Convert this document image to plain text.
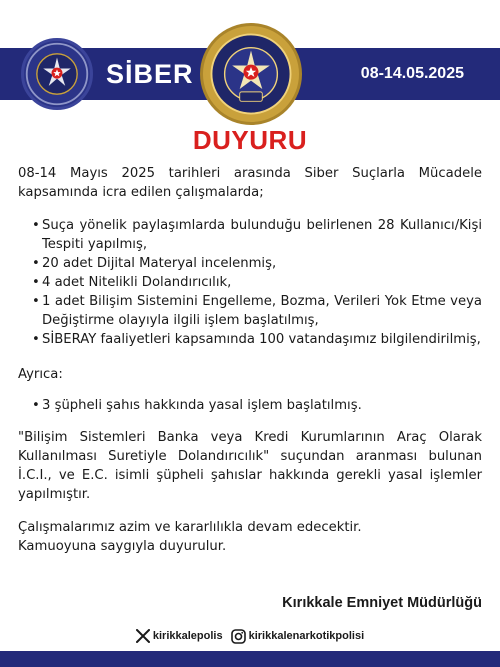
SİBER	08-14.05.2025
DUYURU

08-14 Mayıs 2025 tarihleri arasında Siber Suçlarla Mücadele kapsamında icra edilen çalışmalarda;

• Suça yönelik paylaşımlarda bulunduğu belirlenen 28 Kullanıcı/Kişi Tespiti yapılmış,
• 20 adet Dijital Materyal incelenmiş,
• 4 adet Nitelikli Dolandırıcılık,
• 1 adet Bilişim Sistemini Engelleme, Bozma, Verileri Yok Etme veya Değiştirme olayıyla ilgili işlem başlatılmış,
• SİBERAY faaliyetleri kapsamında 100 vatandaşımız bilgilendirilmiş,

Ayrıca:

• 3 şüpheli şahıs hakkında yasal işlem başlatılmış.

"Bilişim Sistemleri Banka veya Kredi Kurumlarının Araç Olarak Kullanılması Suretiyle Dolandırıcılık" suçundan aranması bulunan İ.C.I., ve E.C. isimli şüpheli şahıslar hakkında gerekli yasal işlemler yapılmıştır.

Çalışmalarımız azim ve kararlılıkla devam edecektir.

Kamuoyuna saygıyla duyurulur.

Kırıkkale Emniyet Müdürlüğü
kirikkalepolis kirikkalenarkotikpolisi
